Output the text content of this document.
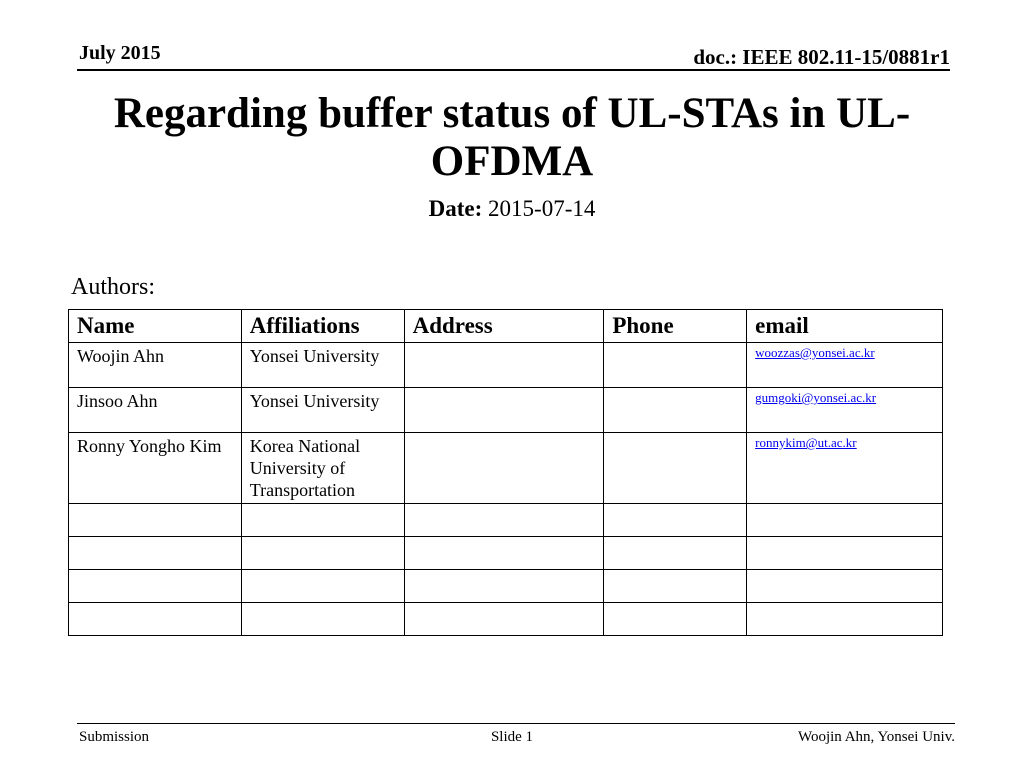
July 2015	doc.: IEEE 802.11-15/0881r1
Regarding buffer status of UL-STAs in UL-OFDMA
Date: 2015-07-14
Authors:
Name	Affiliations	Address	Phone	email
Woojin Ahn	Yonsei University			woozzas@yonsei.ac.kr
Jinsoo Ahn	Yonsei University			gumgoki@yonsei.ac.kr
Ronny Yongho Kim	Korea National University of Transportation			ronnykim@ut.ac.kr

Submission	Slide 1	Woojin Ahn, Yonsei Univ.
